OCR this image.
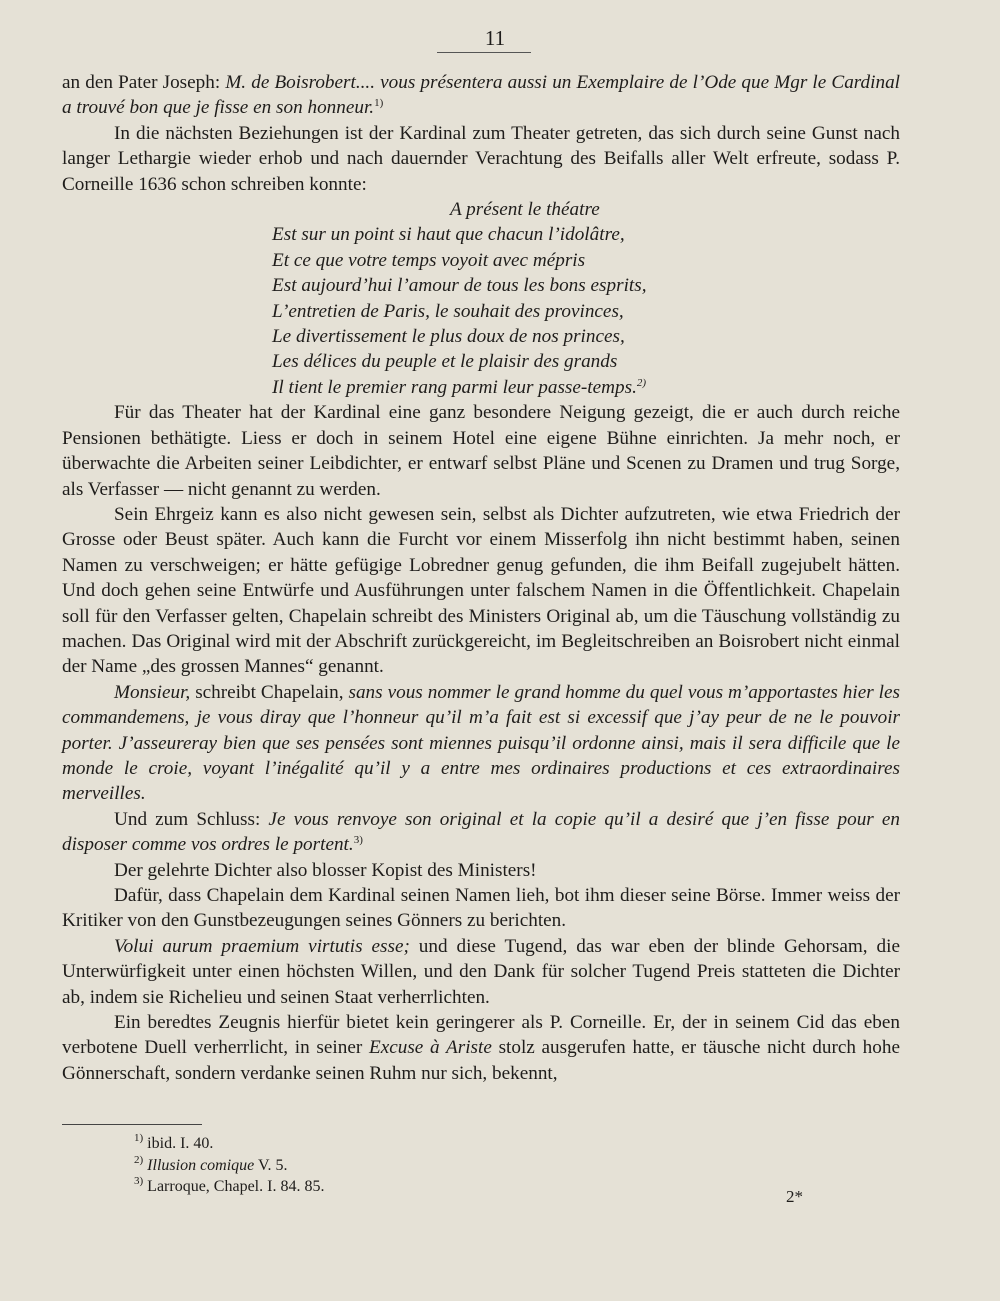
11

an den Pater Joseph: M. de Boisrobert.... vous présentera aussi un Exemplaire de l’Ode que Mgr le Cardinal a trouvé bon que je fisse en son honneur.$^{1)}$

In die nächsten Beziehungen ist der Kardinal zum Theater getreten, das sich durch seine Gunst nach langer Lethargie wieder erhob und nach dauernder Verachtung des Beifalls aller Welt erfreute, sodass P. Corneille 1636 schon schreiben konnte:

A présent le théatre
Est sur un point si haut que chacun l’idolâtre,
Et ce que votre temps voyoit avec mépris
Est aujourd’hui l’amour de tous les bons esprits,
L’entretien de Paris, le souhait des provinces,
Le divertissement le plus doux de nos princes,
Les délices du peuple et le plaisir des grands
Il tient le premier rang parmi leur passe-temps.$^{2)}$

Für das Theater hat der Kardinal eine ganz besondere Neigung gezeigt, die er auch durch reiche Pensionen bethätigte. Liess er doch in seinem Hotel eine eigene Bühne einrichten. Ja mehr noch, er überwachte die Arbeiten seiner Leibdichter, er entwarf selbst Pläne und Scenen zu Dramen und trug Sorge, als Verfasser — nicht genannt zu werden.

Sein Ehrgeiz kann es also nicht gewesen sein, selbst als Dichter aufzutreten, wie etwa Friedrich der Grosse oder Beust später. Auch kann die Furcht vor einem Misserfolg ihn nicht bestimmt haben, seinen Namen zu verschweigen; er hätte gefügige Lobredner genug gefunden, die ihm Beifall zugejubelt hätten. Und doch gehen seine Entwürfe und Ausführungen unter falschem Namen in die Öffentlichkeit. Chapelain soll für den Verfasser gelten, Chapelain schreibt des Ministers Original ab, um die Täuschung vollständig zu machen. Das Original wird mit der Abschrift zurückgereicht, im Begleitschreiben an Boisrobert nicht einmal der Name „des grossen Mannes“ genannt.

Monsieur, schreibt Chapelain, sans vous nommer le grand homme du quel vous m’apportastes hier les commandemens, je vous diray que l’honneur qu’il m’a fait est si excessif que j’ay peur de ne le pouvoir porter. J’asseureray bien que ses pensées sont miennes puisqu’il ordonne ainsi, mais il sera difficile que le monde le croie, voyant l’inégalité qu’il y a entre mes ordinaires productions et ces extraordinaires merveilles.

Und zum Schluss: Je vous renvoye son original et la copie qu’il a desiré que j’en fisse pour en disposer comme vos ordres le portent.$^{3)}$

Der gelehrte Dichter also blosser Kopist des Ministers!

Dafür, dass Chapelain dem Kardinal seinen Namen lieh, bot ihm dieser seine Börse. Immer weiss der Kritiker von den Gunstbezeugungen seines Gönners zu berichten.

Volui aurum praemium virtutis esse; und diese Tugend, das war eben der blinde Gehorsam, die Unterwürfigkeit unter einen höchsten Willen, und den Dank für solcher Tugend Preis statteten die Dichter ab, indem sie Richelieu und seinen Staat verherrlichten.

Ein beredtes Zeugnis hierfür bietet kein geringerer als P. Corneille. Er, der in seinem Cid das eben verbotene Duell verherrlicht, in seiner Excuse à Ariste stolz ausgerufen hatte, er täusche nicht durch hohe Gönnerschaft, sondern verdanke seinen Ruhm nur sich, bekennt,

$^{1)}$ ibid. I. 40.
$^{2)}$ Illusion comique V. 5.
$^{3)}$ Larroque, Chapel. I. 84. 85.
2*
